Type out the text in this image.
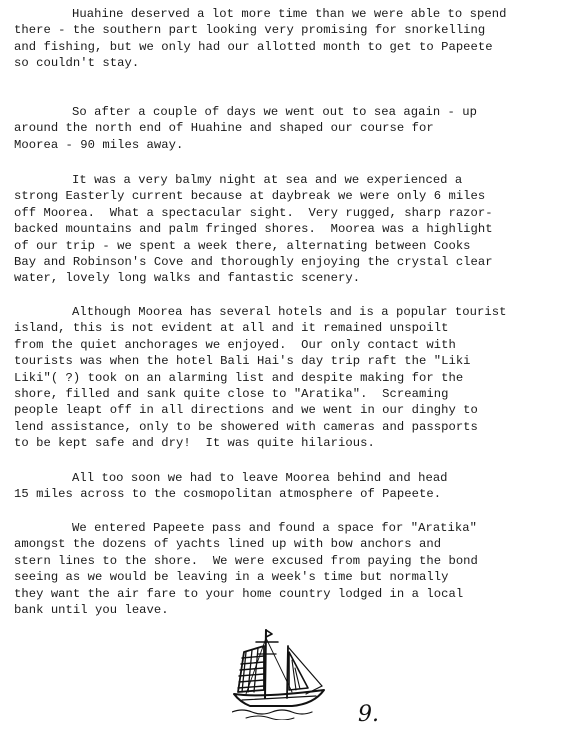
Huahine deserved a lot more time than we were able to spend
there - the southern part looking very promising for snorkelling
and fishing, but we only had our allotted month to get to Papeete
so couldn't stay.
So after a couple of days we went out to sea again - up
around the north end of Huahine and shaped our course for
Moorea - 90 miles away.
It was a very balmy night at sea and we experienced a
strong Easterly current because at daybreak we were only 6 miles
off Moorea.  What a spectacular sight.  Very rugged, sharp razor-
backed mountains and palm fringed shores.  Moorea was a highlight
of our trip - we spent a week there, alternating between Cooks
Bay and Robinson's Cove and thoroughly enjoying the crystal clear
water, lovely long walks and fantastic scenery.
Although Moorea has several hotels and is a popular tourist
island, this is not evident at all and it remained unspoilt
from the quiet anchorages we enjoyed.  Our only contact with
tourists was when the hotel Bali Hai's day trip raft the "Liki
Liki"( ?) took on an alarming list and despite making for the
shore, filled and sank quite close to "Aratika".  Screaming
people leapt off in all directions and we went in our dinghy to
lend assistance, only to be showered with cameras and passports
to be kept safe and dry!  It was quite hilarious.
All too soon we had to leave Moorea behind and head
15 miles across to the cosmopolitan atmosphere of Papeete.
We entered Papeete pass and found a space for "Aratika"
amongst the dozens of yachts lined up with bow anchors and
stern lines to the shore.  We were excused from paying the bond
seeing as we would be leaving in a week's time but normally
they want the air fare to your home country lodged in a local
bank until you leave.
9.
